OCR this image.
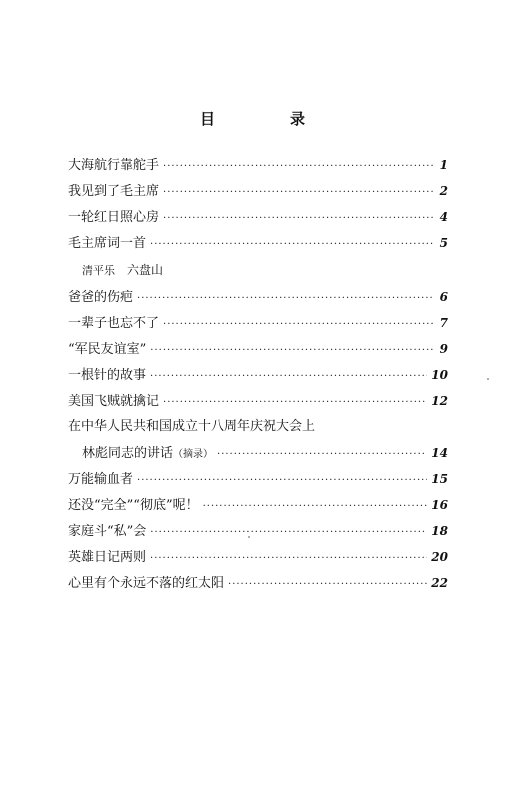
目　录
大海航行靠舵手 ·····	1
我见到了毛主席 ·····	2
一轮红日照心房 ·····	4
毛主席词一首 ·····	5
清平乐 六盘山
爸爸的伤疤 ·····	6
一辈子也忘不了 ·····	7
“军民友谊室” ·····	9
一根针的故事 ·····	10
美国飞贼就擒记 ·····	12
在中华人民共和国成立十八周年庆祝大会上
林彪同志的讲话（摘录） ·····	14
万能输血者 ·····	15
还没“完全”“彻底”呢！ ·····	16
家庭斗“私”会 ·····	18
英雄日记两则 ·····	20
心里有个永远不落的红太阳 ·····	22
